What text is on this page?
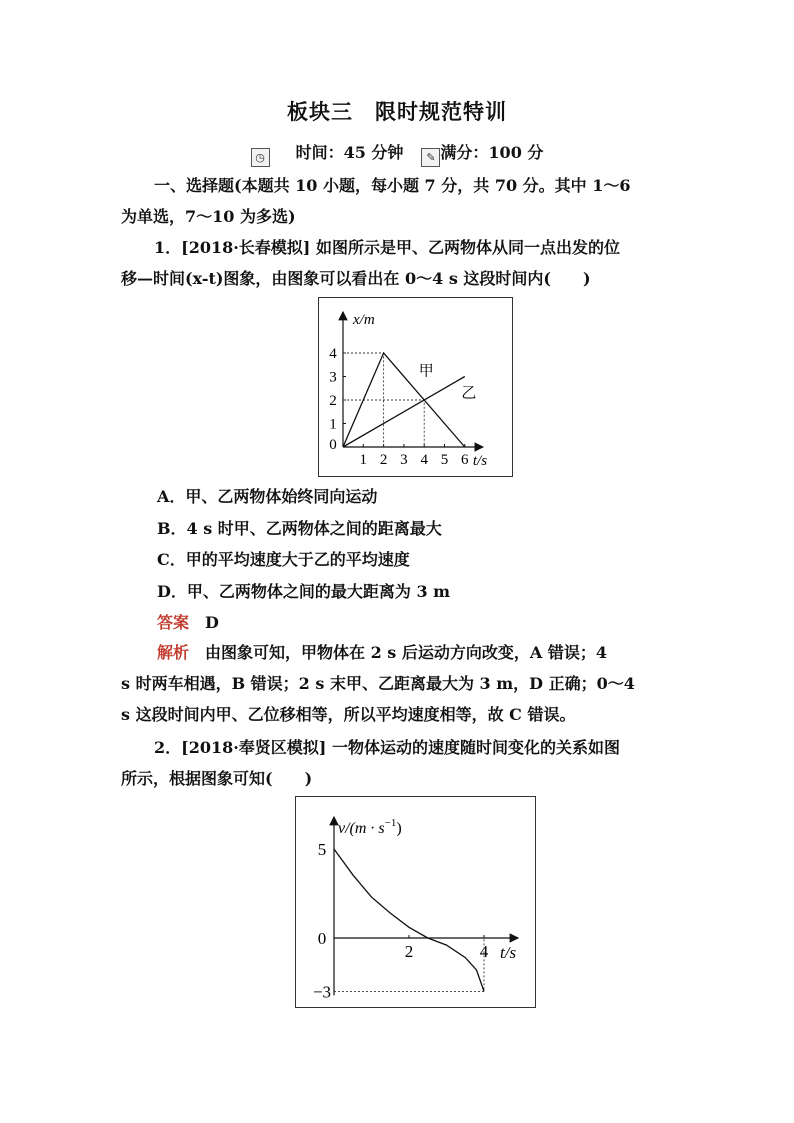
板块三 限时规范特训
◷ 时间：45 分钟 ✎ 满分：100 分
一、选择题(本题共 10 小题，每小题 7 分，共 70 分。其中 1～6
为单选，7～10 为多选)
1．[2018·长春模拟] 如图所示是甲、乙两物体从同一点出发的位
移—时间(x-t)图象，由图象可以看出在 0～4 s 这段时间内(　　)
1 2 3 4 5 6
0
1
2
3
4
甲
乙
x/m
t/s
A．甲、乙两物体始终同向运动
B．4 s 时甲、乙两物体之间的距离最大
C．甲的平均速度大于乙的平均速度
D．甲、乙两物体之间的最大距离为 3 m
答案 D
解析 由图象可知，甲物体在 2 s 后运动方向改变，A 错误；4
s 时两车相遇，B 错误；2 s 末甲、乙距离最大为 3 m，D 正确；0～4
s 这段时间内甲、乙位移相等，所以平均速度相等，故 C 错误。
2．[2018·奉贤区模拟] 一物体运动的速度随时间变化的关系如图
所示，根据图象可知(　　)
2	4
5
0
−3
$v/(m \cdot s^{-1})$
t/s
